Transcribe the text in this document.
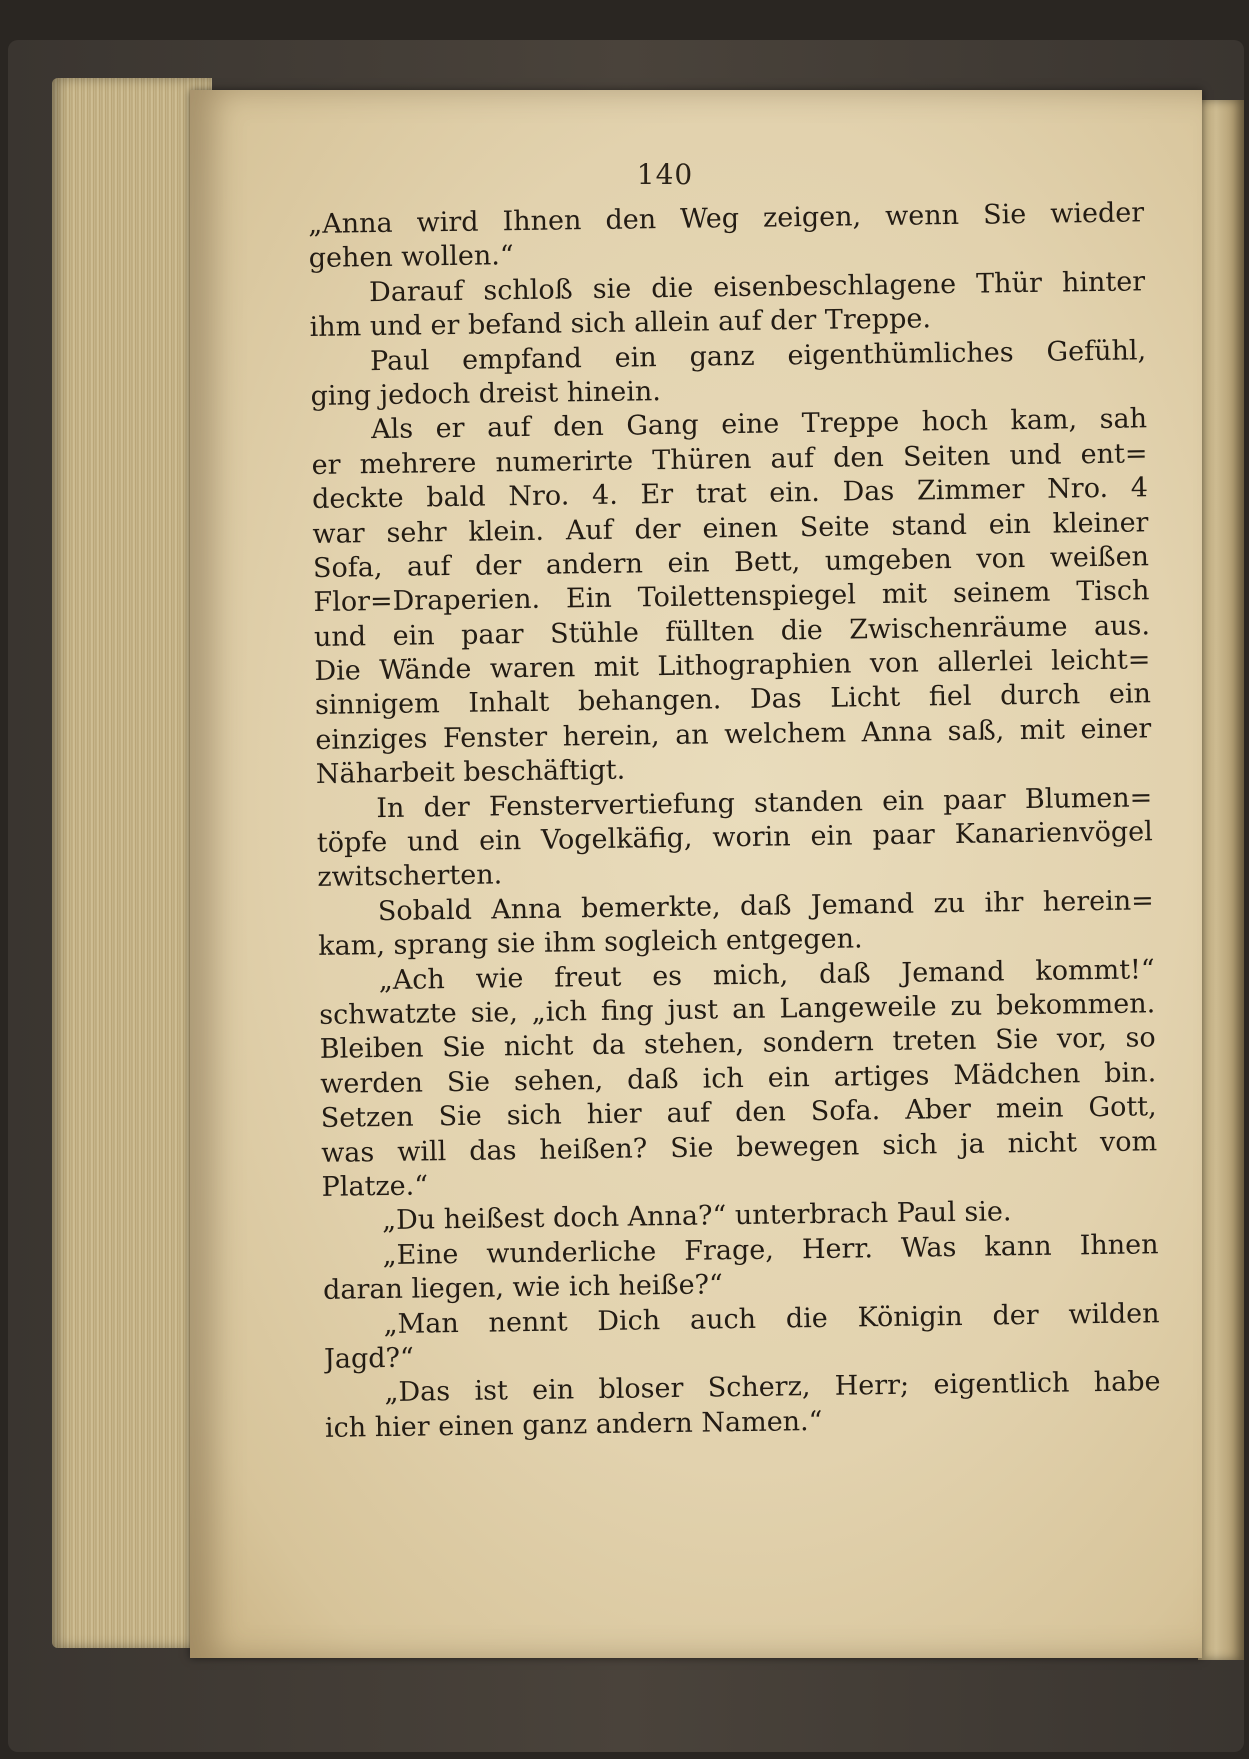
140
„Anna wird Ihnen den Weg zeigen, wenn Sie wieder
gehen wollen.“
Darauf schloß sie die eisenbeschlagene Thür hinter
ihm und er befand sich allein auf der Treppe.
Paul empfand ein ganz eigenthümliches Gefühl,
ging jedoch dreist hinein.
Als er auf den Gang eine Treppe hoch kam, sah
er mehrere numerirte Thüren auf den Seiten und ent=
deckte bald Nro. 4. Er trat ein. Das Zimmer Nro. 4
war sehr klein. Auf der einen Seite stand ein kleiner
Sofa, auf der andern ein Bett, umgeben von weißen
Flor=Draperien. Ein Toilettenspiegel mit seinem Tisch
und ein paar Stühle füllten die Zwischenräume aus.
Die Wände waren mit Lithographien von allerlei leicht=
sinnigem Inhalt behangen. Das Licht fiel durch ein
einziges Fenster herein, an welchem Anna saß, mit einer
Näharbeit beschäftigt.
In der Fenstervertiefung standen ein paar Blumen=
töpfe und ein Vogelkäfig, worin ein paar Kanarienvögel
zwitscherten.
Sobald Anna bemerkte, daß Jemand zu ihr herein=
kam, sprang sie ihm sogleich entgegen.
„Ach wie freut es mich, daß Jemand kommt!“
schwatzte sie, „ich fing just an Langeweile zu bekommen.
Bleiben Sie nicht da stehen, sondern treten Sie vor, so
werden Sie sehen, daß ich ein artiges Mädchen bin.
Setzen Sie sich hier auf den Sofa. Aber mein Gott,
was will das heißen? Sie bewegen sich ja nicht vom
Platze.“
„Du heißest doch Anna?“ unterbrach Paul sie.
„Eine wunderliche Frage, Herr. Was kann Ihnen
daran liegen, wie ich heiße?“
„Man nennt Dich auch die Königin der wilden
Jagd?“
„Das ist ein bloser Scherz, Herr; eigentlich habe
ich hier einen ganz andern Namen.“
